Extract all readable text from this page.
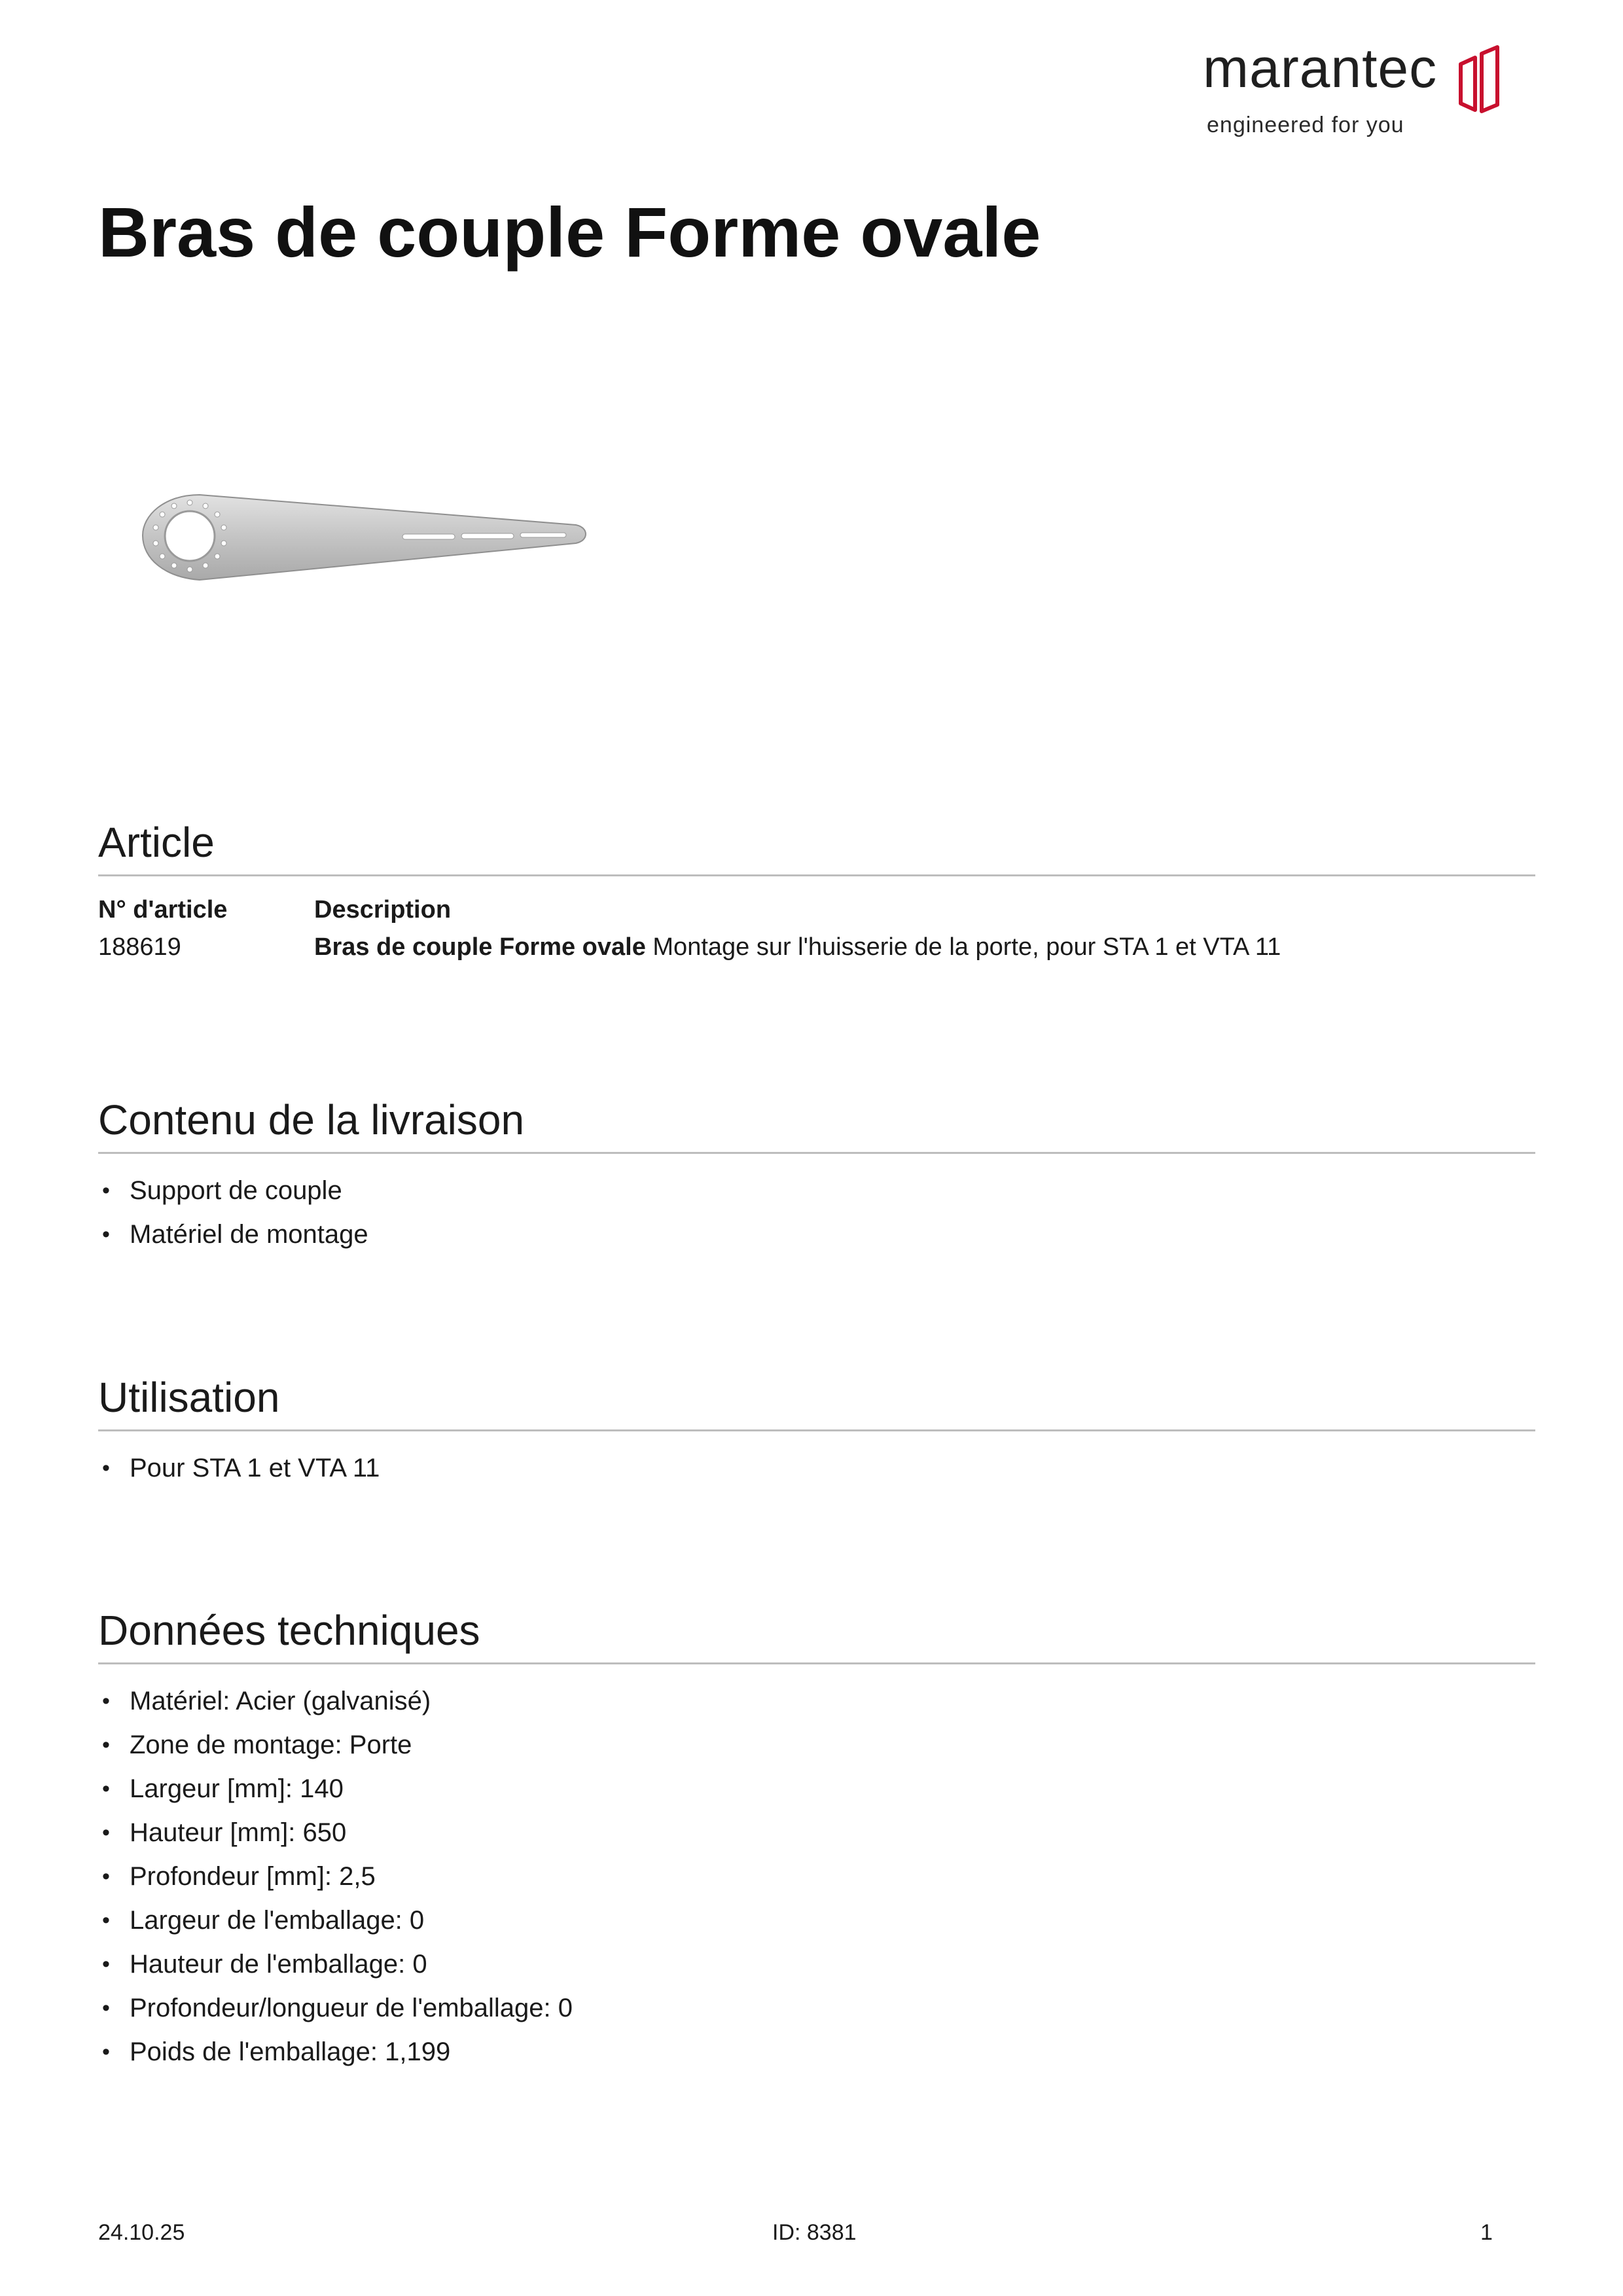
marantec
engineered for you
Bras de couple Forme ovale
Article
N° d'article	Description
188619	Bras de couple Forme ovale Montage sur l'huisserie de la porte, pour STA 1 et VTA 11
Contenu de la livraison
• Support de couple
• Matériel de montage
Utilisation
• Pour STA 1 et VTA 11
Données techniques
• Matériel: Acier (galvanisé)
• Zone de montage: Porte
• Largeur [mm]: 140
• Hauteur [mm]: 650
• Profondeur [mm]: 2,5
• Largeur de l'emballage: 0
• Hauteur de l'emballage: 0
• Profondeur/longueur de l'emballage: 0
• Poids de l'emballage: 1,199
24.10.25	ID: 8381	1
